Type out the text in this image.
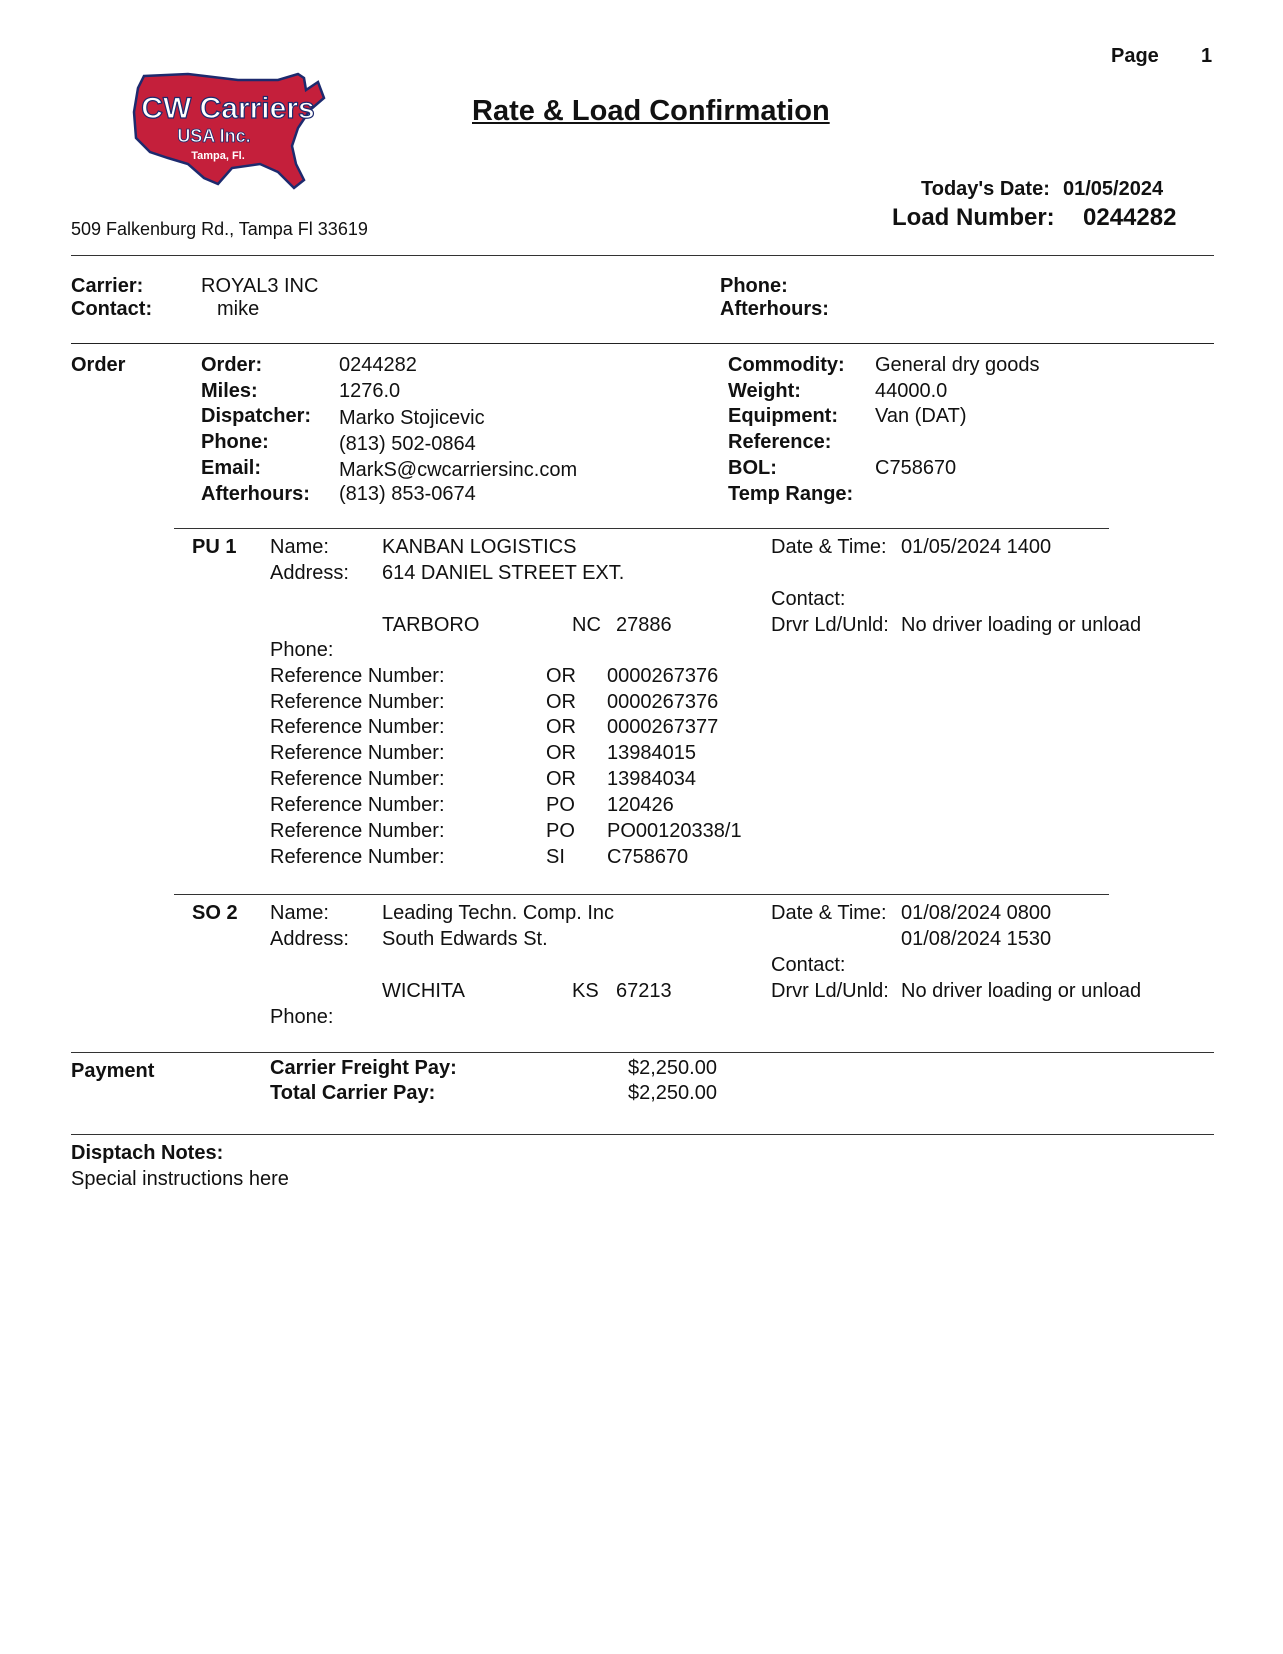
Page 1
CW Carriers
USA Inc.
Tampa, Fl.
Rate & Load Confirmation
Today's Date: 01/05/2024
Load Number: 0244282
509 Falkenburg Rd., Tampa Fl 33619
Carrier:	ROYAL3 INC
Contact:	mike
Phone:
Afterhours:
Order	Order:	0244282
Miles:	1276.0
Dispatcher: Marko Stojicevic
Phone:	(813) 502-0864
Email:	MarkS@cwcarriersinc.com
Afterhours: (813) 853-0674
Commodity: General dry goods
Weight:	44000.0
Equipment: Van (DAT)
Reference:
BOL:	C758670
Temp Range:
PU 1 Name:	KANBAN LOGISTICS
Address: 614 DANIEL STREET EXT.
TARBORO	NC 27886
Phone:
Date & Time: 01/05/2024 1400
Contact:
Drvr Ld/Unld: No driver loading or unload
Reference Number:	OR 0000267376
Reference Number:	OR 0000267376
Reference Number:	OR 0000267377
Reference Number:	OR 13984015
Reference Number:	OR 13984034
Reference Number:	PO 120426
Reference Number:	PO PO00120338/1
Reference Number:	SI C758670
SO 2 Name:	Leading Techn. Comp. Inc
Address: South Edwards St.
WICHITA	KS 67213
Phone:
Date & Time: 01/08/2024 0800
01/08/2024 1530
Contact:
Drvr Ld/Unld: No driver loading or unload
Payment	Carrier Freight Pay:	$2,250.00
Total Carrier Pay:	$2,250.00
Disptach Notes:
Special instructions here
